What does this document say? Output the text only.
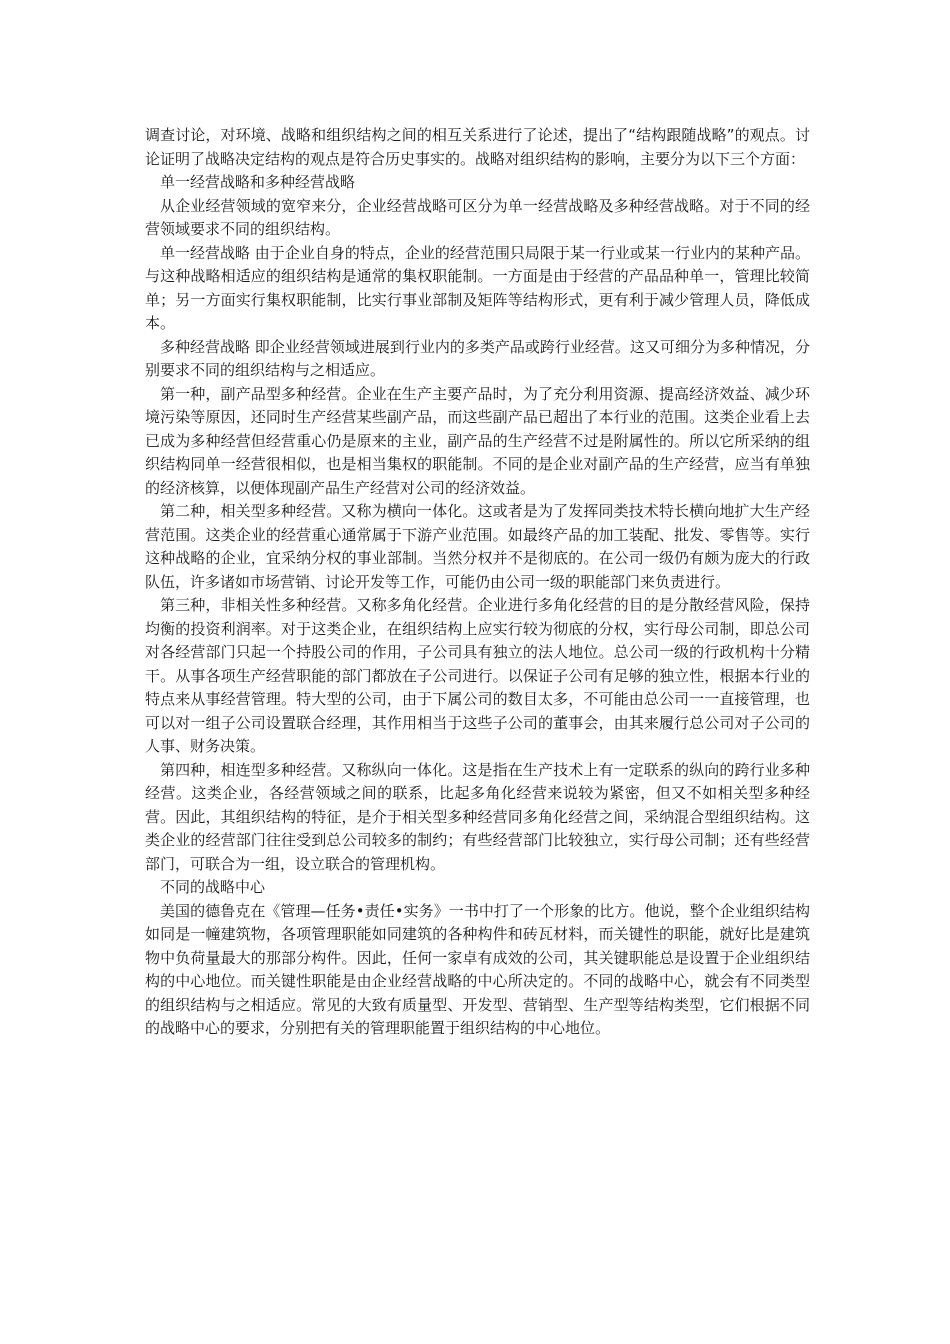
调查讨论，对环境、战略和组织结构之间的相互关系进行了论述，提出了“结构跟随战略”的观点。讨论证明了战略决定结构的观点是符合历史事实的。战略对组织结构的影响，主要分为以下三个方面：

单一经营战略和多种经营战略

从企业经营领域的宽窄来分，企业经营战略可区分为单一经营战略及多种经营战略。对于不同的经营领域要求不同的组织结构。

单一经营战略 由于企业自身的特点，企业的经营范围只局限于某一行业或某一行业内的某种产品。与这种战略相适应的组织结构是通常的集权职能制。一方面是由于经营的产品品种单一，管理比较简单；另一方面实行集权职能制，比实行事业部制及矩阵等结构形式，更有利于减少管理人员，降低成本。

多种经营战略 即企业经营领域进展到行业内的多类产品或跨行业经营。这又可细分为多种情况，分别要求不同的组织结构与之相适应。

第一种，副产品型多种经营。企业在生产主要产品时，为了充分利用资源、提高经济效益、减少环境污染等原因，还同时生产经营某些副产品，而这些副产品已超出了本行业的范围。这类企业看上去已成为多种经营但经营重心仍是原来的主业，副产品的生产经营不过是附属性的。所以它所采纳的组织结构同单一经营很相似，也是相当集权的职能制。不同的是企业对副产品的生产经营，应当有单独的经济核算，以便体现副产品生产经营对公司的经济效益。

第二种，相关型多种经营。又称为横向一体化。这或者是为了发挥同类技术特长横向地扩大生产经营范围。这类企业的经营重心通常属于下游产业范围。如最终产品的加工装配、批发、零售等。实行这种战略的企业，宜采纳分权的事业部制。当然分权并不是彻底的。在公司一级仍有颇为庞大的行政队伍，许多诸如市场营销、讨论开发等工作，可能仍由公司一级的职能部门来负责进行。

第三种，非相关性多种经营。又称多角化经营。企业进行多角化经营的目的是分散经营风险，保持均衡的投资利润率。对于这类企业，在组织结构上应实行较为彻底的分权，实行母公司制，即总公司对各经营部门只起一个持股公司的作用，子公司具有独立的法人地位。总公司一级的行政机构十分精干。从事各项生产经营职能的部门都放在子公司进行。以保证子公司有足够的独立性，根据本行业的特点来从事经营管理。特大型的公司，由于下属公司的数目太多，不可能由总公司一一直接管理，也可以对一组子公司设置联合经理，其作用相当于这些子公司的董事会，由其来履行总公司对子公司的人事、财务决策。

第四种，相连型多种经营。又称纵向一体化。这是指在生产技术上有一定联系的纵向的跨行业多种经营。这类企业，各经营领域之间的联系，比起多角化经营来说较为紧密，但又不如相关型多种经营。因此，其组织结构的特征，是介于相关型多种经营同多角化经营之间，采纳混合型组织结构。这类企业的经营部门往往受到总公司较多的制约；有些经营部门比较独立，实行母公司制；还有些经营部门，可联合为一组，设立联合的管理机构。

不同的战略中心

美国的德鲁克在《管理—任务•责任•实务》一书中打了一个形象的比方。他说，整个企业组织结构如同是一幢建筑物，各项管理职能如同建筑的各种构件和砖瓦材料，而关键性的职能，就好比是建筑物中负荷量最大的那部分构件。因此，任何一家卓有成效的公司，其关键职能总是设置于企业组织结构的中心地位。而关键性职能是由企业经营战略的中心所决定的。不同的战略中心，就会有不同类型的组织结构与之相适应。常见的大致有质量型、开发型、营销型、生产型等结构类型，它们根据不同的战略中心的要求，分别把有关的管理职能置于组织结构的中心地位。
